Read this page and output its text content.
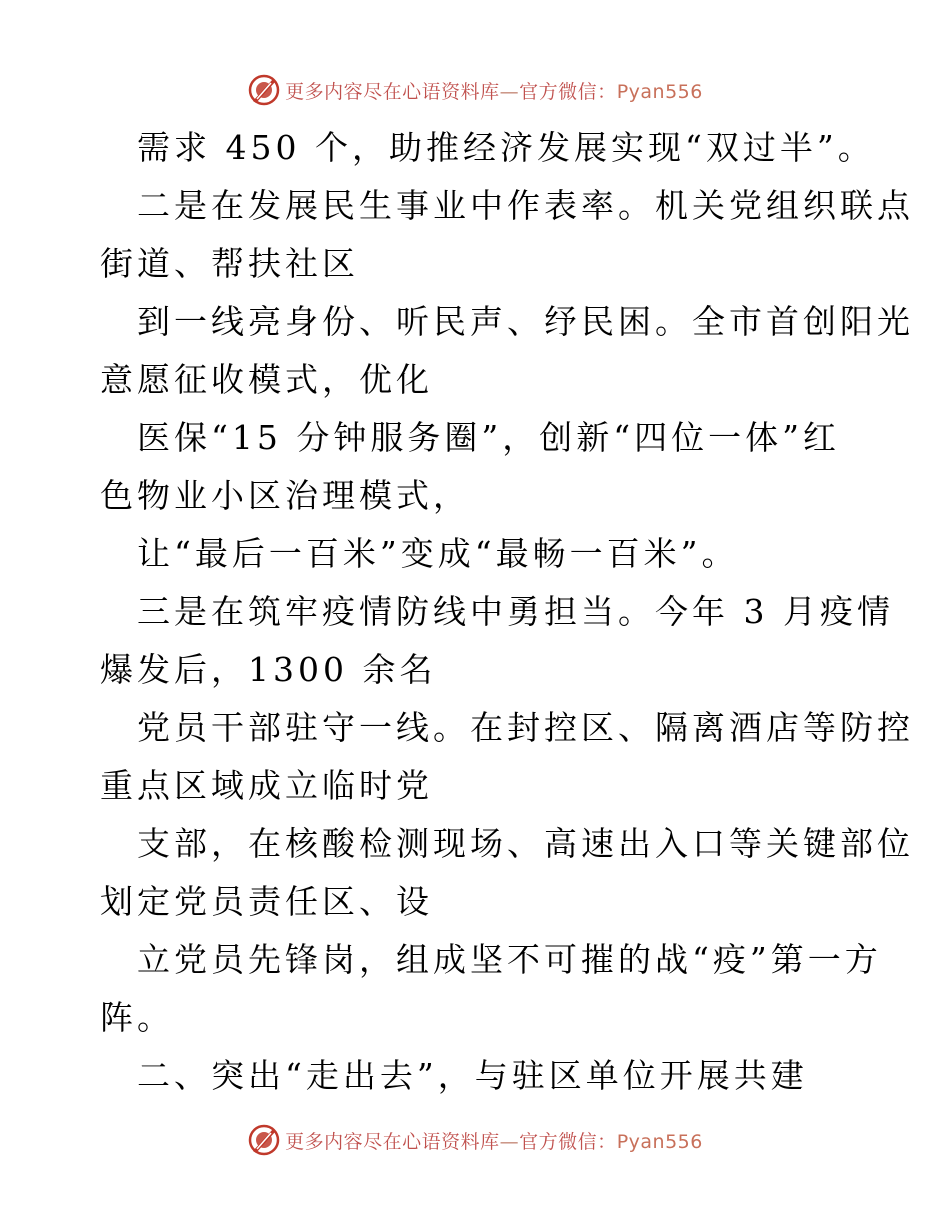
更多内容尽在心语资料库—官方微信：Pyan556
需求 450 个，助推经济发展实现“双过半”。
二是在发展民生事业中作表率。机关党组织联点
街道、帮扶社区
到一线亮身份、听民声、纾民困。全市首创阳光
意愿征收模式，优化
医保“15 分钟服务圈”，创新“四位一体”红
色物业小区治理模式，
让“最后一百米”变成“最畅一百米”。
三是在筑牢疫情防线中勇担当。今年 3 月疫情
爆发后，1300 余名
党员干部驻守一线。在封控区、隔离酒店等防控
重点区域成立临时党
支部，在核酸检测现场、高速出入口等关键部位
划定党员责任区、设
立党员先锋岗，组成坚不可摧的战“疫”第一方
阵。
二、突出“走出去”，与驻区单位开展共建
更多内容尽在心语资料库—官方微信：Pyan556
